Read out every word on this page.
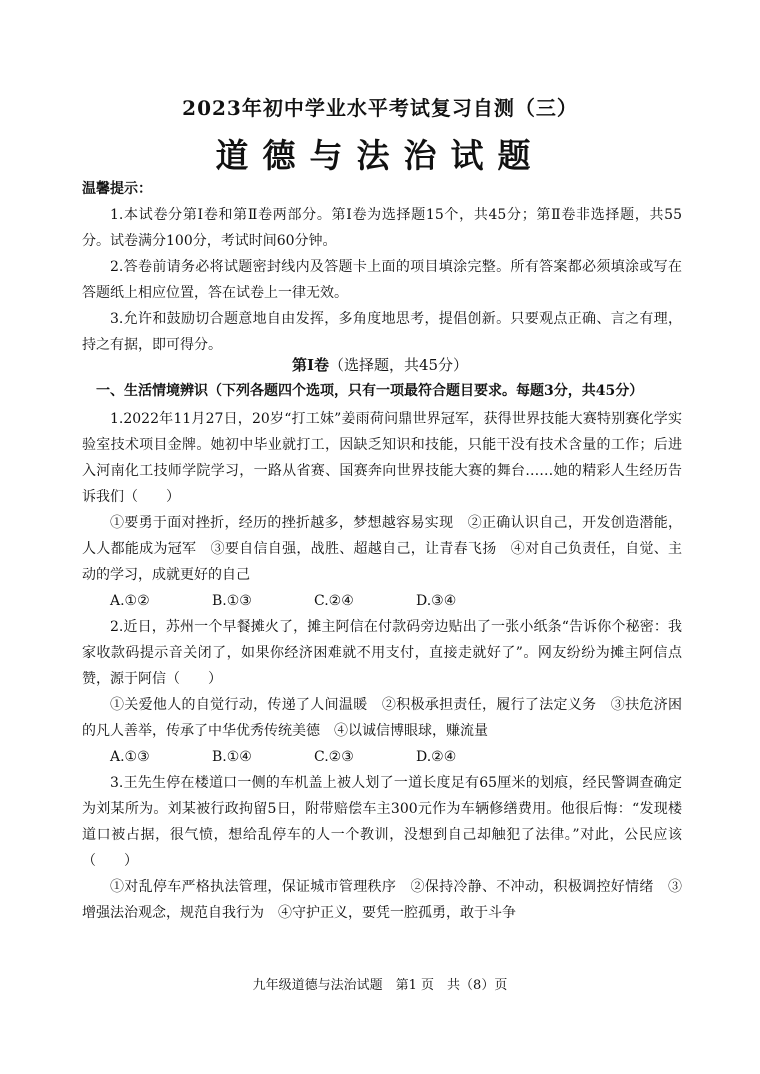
2023年初中学业水平考试复习自测（三）
道德与法治试题
温馨提示：

1.本试卷分第Ⅰ卷和第Ⅱ卷两部分。第Ⅰ卷为选择题15个，共45分；第Ⅱ卷非选择题，共55分。试卷满分100分，考试时间60分钟。

2.答卷前请务必将试题密封线内及答题卡上面的项目填涂完整。所有答案都必须填涂或写在答题纸上相应位置，答在试卷上一律无效。

3.允许和鼓励切合题意地自由发挥，多角度地思考，提倡创新。只要观点正确、言之有理，持之有据，即可得分。

第Ⅰ卷（选择题，共45分）
一、生活情境辨识（下列各题四个选项，只有一项最符合题目要求。每题3分，共45分）

1.2022年11月27日，20岁“打工妹”姜雨荷问鼎世界冠军，获得世界技能大赛特别赛化学实验室技术项目金牌。她初中毕业就打工，因缺乏知识和技能，只能干没有技术含量的工作；后进入河南化工技师学院学习，一路从省赛、国赛奔向世界技能大赛的舞台……她的精彩人生经历告诉我们（　　）

①要勇于面对挫折，经历的挫折越多，梦想越容易实现　②正确认识自己，开发创造潜能，人人都能成为冠军　③要自信自强，战胜、超越自己，让青春飞扬　④对自己负责任，自觉、主动的学习，成就更好的自己

A.①②	B.①③	C.②④	D.③④

2.近日，苏州一个早餐摊火了，摊主阿信在付款码旁边贴出了一张小纸条“告诉你个秘密：我家收款码提示音关闭了，如果你经济困难就不用支付，直接走就好了”。网友纷纷为摊主阿信点赞，源于阿信（　　）

①关爱他人的自觉行动，传递了人间温暖　②积极承担责任，履行了法定义务　③扶危济困的凡人善举，传承了中华优秀传统美德　④以诚信博眼球，赚流量

A.①③	B.①④	C.②③	D.②④

3.王先生停在楼道口一侧的车机盖上被人划了一道长度足有65厘米的划痕，经民警调查确定为刘某所为。刘某被行政拘留5日，附带赔偿车主300元作为车辆修缮费用。他很后悔：“发现楼道口被占据，很气愤，想给乱停车的人一个教训，没想到自己却触犯了法律。”对此，公民应该（　　）

①对乱停车严格执法管理，保证城市管理秩序　②保持冷静、不冲动，积极调控好情绪　③增强法治观念，规范自我行为　④守护正义，要凭一腔孤勇，敢于斗争

九年级道德与法治试题　第1 页　共（8）页
